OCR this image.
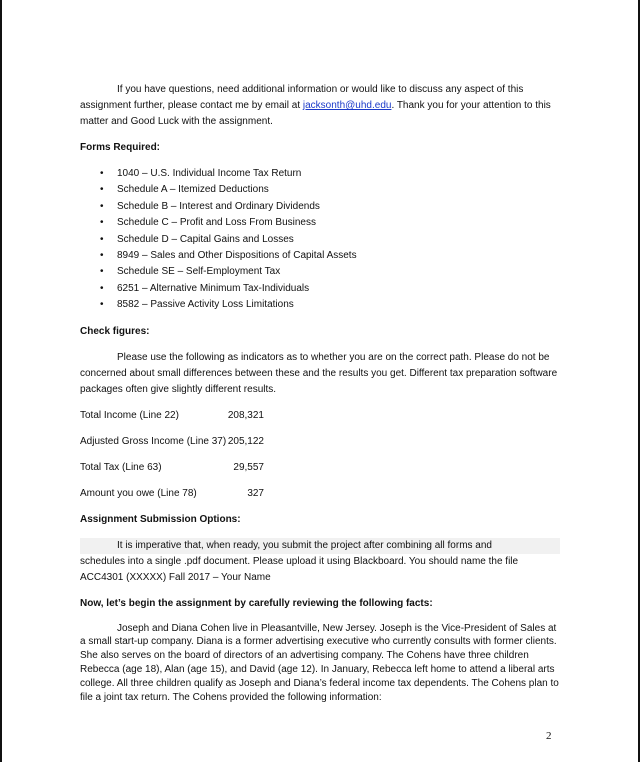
If you have questions, need additional information or would like to discuss any aspect of this assignment further, please contact me by email at jacksonth@uhd.edu. Thank you for your attention to this matter and Good Luck with the assignment.

Forms Required:

• 1040 – U.S. Individual Income Tax Return
• Schedule A – Itemized Deductions
• Schedule B – Interest and Ordinary Dividends
• Schedule C – Profit and Loss From Business
• Schedule D – Capital Gains and Losses
• 8949 – Sales and Other Dispositions of Capital Assets
• Schedule SE – Self-Employment Tax
• 6251 – Alternative Minimum Tax-Individuals
• 8582 – Passive Activity Loss Limitations

Check figures:

Please use the following as indicators as to whether you are on the correct path. Please do not be concerned about small differences between these and the results you get. Different tax preparation software packages often give slightly different results.

Total Income (Line 22)	208,321
Adjusted Gross Income (Line 37) 205,122
Total Tax (Line 63)	29,557
Amount you owe (Line 78)	327

Assignment Submission Options:

It is imperative that, when ready, you submit the project after combining all forms and
schedules into a single .pdf document. Please upload it using Blackboard. You should name the file
ACC4301 (XXXXX) Fall 2017 – Your Name

Now, let’s begin the assignment by carefully reviewing the following facts:

Joseph and Diana Cohen live in Pleasantville, New Jersey. Joseph is the Vice-President of Sales at a small start-up company. Diana is a former advertising executive who currently consults with former clients. She also serves on the board of directors of an advertising company. The Cohens have three children Rebecca (age 18), Alan (age 15), and David (age 12). In January, Rebecca left home to attend a liberal arts college. All three children qualify as Joseph and Diana’s federal income tax dependents. The Cohens plan to file a joint tax return. The Cohens provided the following information:

2
